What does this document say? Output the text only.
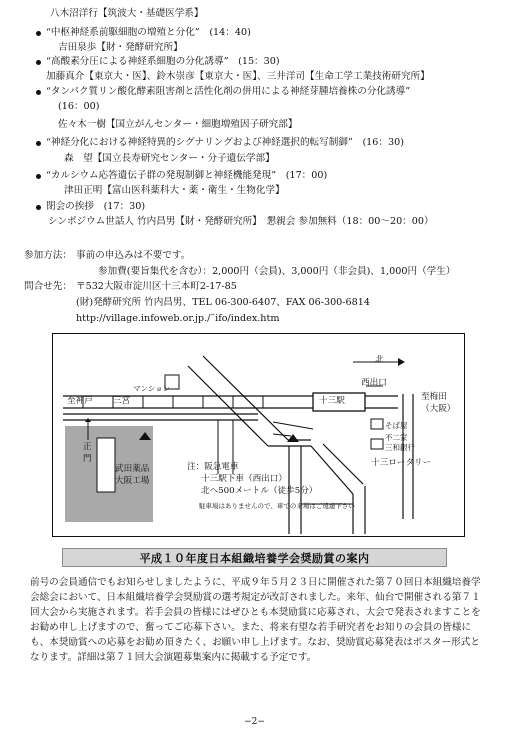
八木沼洋行【筑波大・基礎医学系】
“中枢神経系前駆細胞の増殖と分化”　 (14：40)
吉田泉歩【財・発酵研究所】
“高酸素分圧による神経系細胞の分化誘導”　 (15：30)
加藤真介【東京大・医】、鈴木崇彦【東京大・医】、三井洋司【生命工学工業技術研究所】
“タンパク質リン酸化酵素阻害剤と活性化剤の併用による神経芽腫培養株の分化誘導”
(16：00)
佐々木一樹【国立がんセンター・細胞増殖因子研究部】
“神経分化における神経特異的シグナリングおよび神経選択的転写制御”　 (16：30)
森　望【国立長寿研究センター・分子遺伝学部】
“カルシウム応答遺伝子群の発現制御と神経機能発現”　 (17：00)
津田正明【富山医科薬科大・薬・衛生・生物化学】
閉会の挨拶　 (17：30)
シンポジウム世話人 竹内昌男【財・発酵研究所】　懇親会 参加無料（18：00～20：00）
参加方法： 事前の申込みは不要です。
参加費(要旨集代を含む）：2,000円（会員)、3,000円（非会員)、1,000円（学生）
問合せ先： 〒532大阪市淀川区十三本町2-17-85
(財)発酵研究所 竹内昌男、TEL 06-300-6407、FAX 06-300-6814
http://village.infoweb.or.jp./˜ifo/index.htm
北
マンション
至神戸 三宮	十三駅
西出口
至梅田
（大阪）
そば屋
不二家
三和銀行
十三ロータリー
正
門
武田薬品
大阪工場
注：阪急電車
十三駅下車（西出口）
北へ500メートル（徒歩5分）
駐車場はありませんので、車での来場はご遠慮下さい
平成１０年度日本組織培養学会奨励賞の案内

前号の会員通信でもお知らせしましたように、平成９年５月２３日に開催された第７０回日本組織培養学会総会において、日本組織培養学会奨励賞の選考規定が改訂されました。来年、仙台で開催される第７１回大会から実施されます。若手会員の皆様にはぜひとも本奨励賞に応募され、大会で発表されますことをお勧め申し上げますので、奮ってご応募下さい。また、将来有望な若手研究者をお知りの会員の皆様にも、本奨励賞への応募をお勧め頂きたく、お願い申し上げます。なお、奨励賞応募発表はポスター形式となります。詳細は第７１回大会演題募集案内に掲載する予定です。

−2−
